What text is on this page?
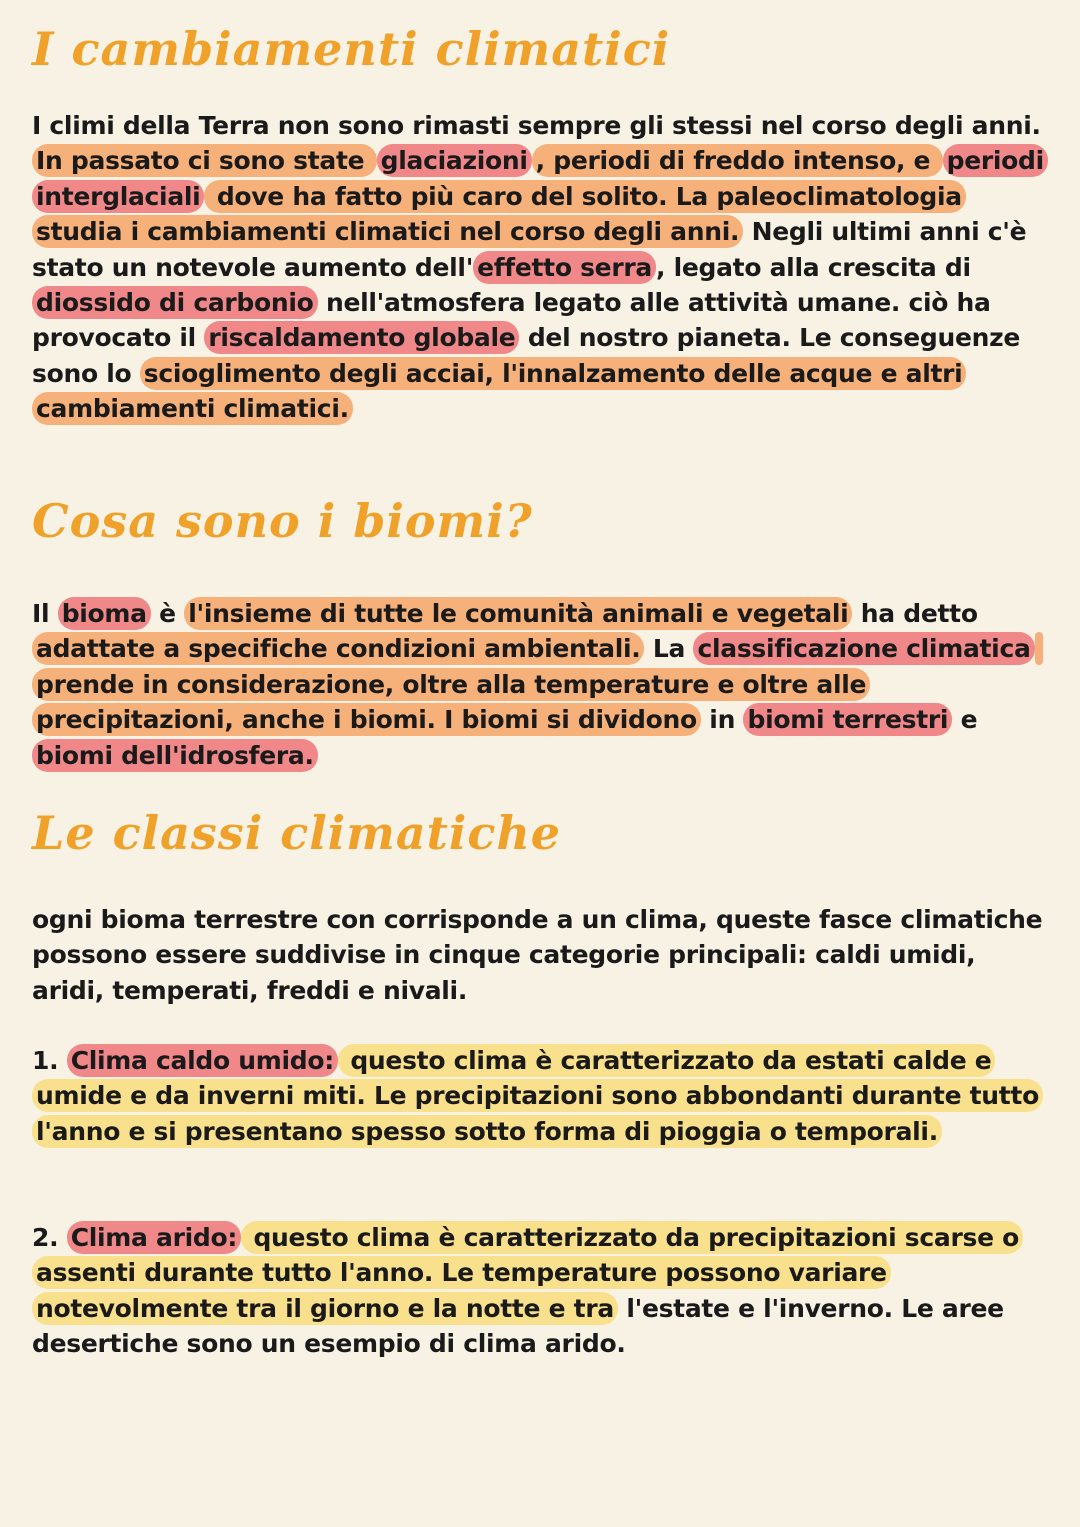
I cambiamenti climatici

I climi della Terra non sono rimasti sempre gli stessi nel corso degli anni. In passato ci sono state glaciazioni , periodi di freddo intenso, e periodi interglaciali dove ha fatto più caro del solito. La paleoclimatologia studia i cambiamenti climatici nel corso degli anni. Negli ultimi anni c'è stato un notevole aumento dell' effetto serra , legato alla crescita di diossido di carbonio nell'atmosfera legato alle attività umane. ciò ha provocato il riscaldamento globale del nostro pianeta. Le conseguenze sono lo scioglimento degli acciai, l'innalzamento delle acque e altri cambiamenti climatici.

Cosa sono i biomi?

Il bioma è l'insieme di tutte le comunità animali e vegetali ha detto adattate a specifiche condizioni ambientali. La classificazione climatica prende in considerazione, oltre alla temperature e oltre alle precipitazioni, anche i biomi. I biomi si dividono in biomi terrestri e biomi dell'idrosfera.

Le classi climatiche

ogni bioma terrestre con corrisponde a un clima, queste fasce climatiche possono essere suddivise in cinque categorie principali: caldi umidi, aridi, temperati, freddi e nivali.

1. Clima caldo umido: questo clima è caratterizzato da estati calde e umide e da inverni miti. Le precipitazioni sono abbondanti durante tutto l'anno e si presentano spesso sotto forma di pioggia o temporali.

2. Clima arido: questo clima è caratterizzato da precipitazioni scarse o assenti durante tutto l'anno. Le temperature possono variare notevolmente tra il giorno e la notte e tra l'estate e l'inverno. Le aree desertiche sono un esempio di clima arido.
